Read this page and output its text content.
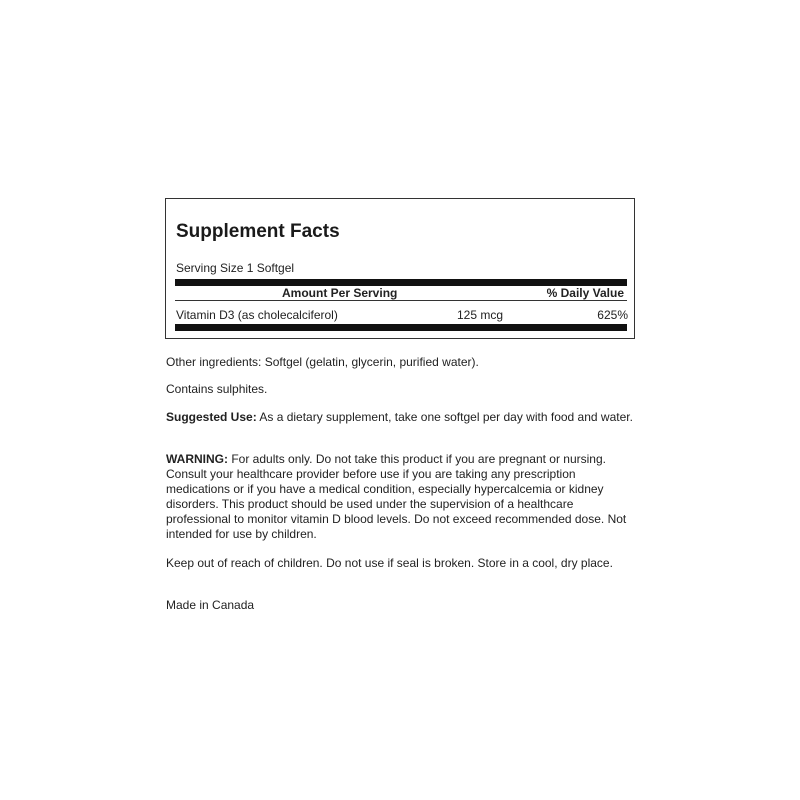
Supplement Facts
Serving Size 1 Softgel
Amount Per Serving	% Daily Value
Vitamin D3 (as cholecalciferol)	125 mcg	625%
Other ingredients: Softgel (gelatin, glycerin, purified water).
Contains sulphites.
Suggested Use: As a dietary supplement, take one softgel per day with food and water.
WARNING: For adults only. Do not take this product if you are pregnant or nursing. Consult your healthcare provider before use if you are taking any prescription medications or if you have a medical condition, especially hypercalcemia or kidney disorders. This product should be used under the supervision of a healthcare professional to monitor vitamin D blood levels. Do not exceed recommended dose. Not intended for use by children.
Keep out of reach of children. Do not use if seal is broken. Store in a cool, dry place.
Made in Canada
